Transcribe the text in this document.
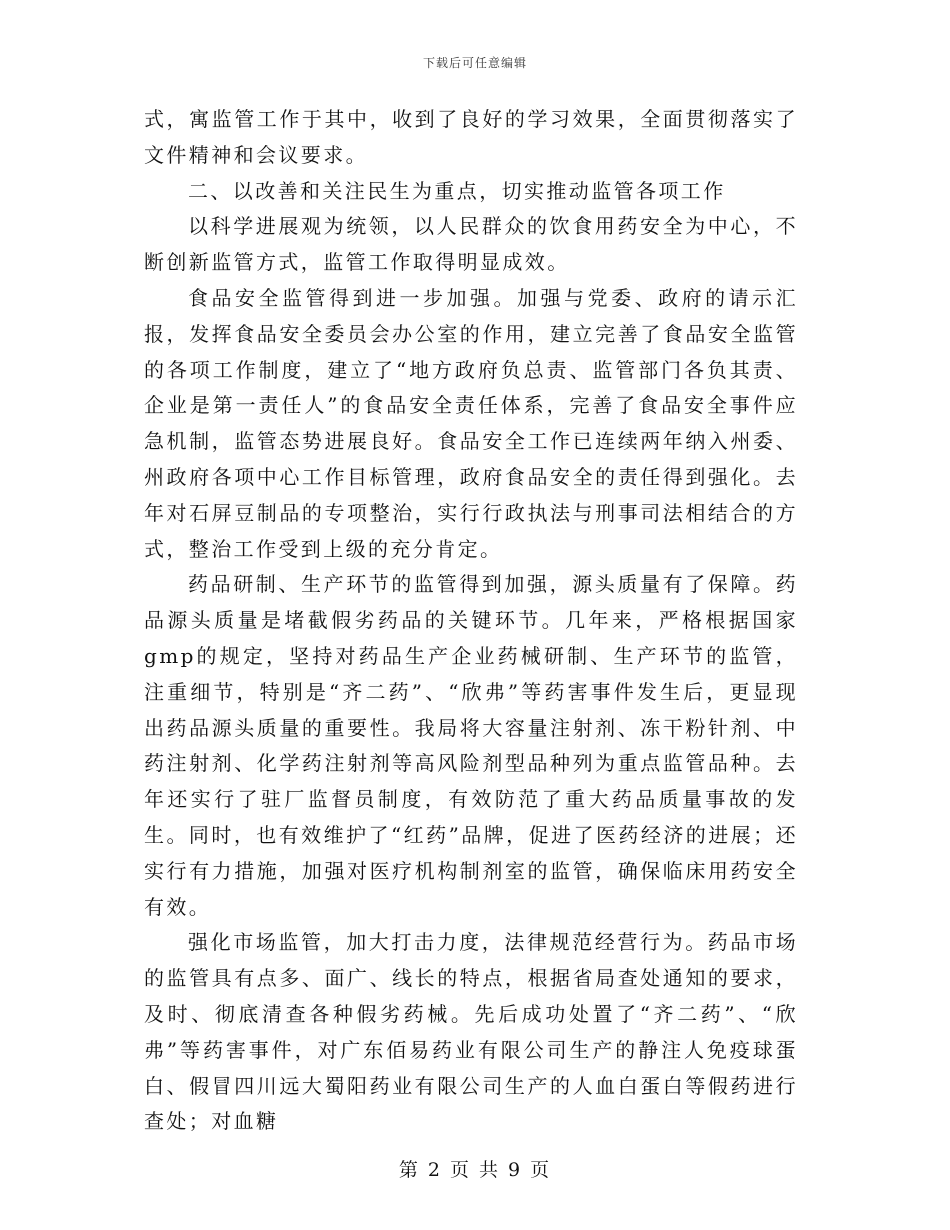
下载后可任意编辑

式，寓监管工作于其中，收到了良好的学习效果，全面贯彻落实了文件精神和会议要求。

二、以改善和关注民生为重点，切实推动监管各项工作

以科学进展观为统领，以人民群众的饮食用药安全为中心，不断创新监管方式，监管工作取得明显成效。

食品安全监管得到进一步加强。加强与党委、政府的请示汇报，发挥食品安全委员会办公室的作用，建立完善了食品安全监管的各项工作制度，建立了“地方政府负总责、监管部门各负其责、企业是第一责任人”的食品安全责任体系，完善了食品安全事件应急机制，监管态势进展良好。食品安全工作已连续两年纳入州委、州政府各项中心工作目标管理，政府食品安全的责任得到强化。去年对石屏豆制品的专项整治，实行行政执法与刑事司法相结合的方式，整治工作受到上级的充分肯定。

药品研制、生产环节的监管得到加强，源头质量有了保障。药品源头质量是堵截假劣药品的关键环节。几年来，严格根据国家gmp的规定，坚持对药品生产企业药械研制、生产环节的监管，注重细节，特别是“齐二药”、“欣弗”等药害事件发生后，更显现出药品源头质量的重要性。我局将大容量注射剂、冻干粉针剂、中药注射剂、化学药注射剂等高风险剂型品种列为重点监管品种。去年还实行了驻厂监督员制度，有效防范了重大药品质量事故的发生。同时，也有效维护了“红药”品牌，促进了医药经济的进展；还实行有力措施，加强对医疗机构制剂室的监管，确保临床用药安全有效。

强化市场监管，加大打击力度，法律规范经营行为。药品市场的监管具有点多、面广、线长的特点，根据省局查处通知的要求，及时、彻底清查各种假劣药械。先后成功处置了“齐二药”、“欣弗”等药害事件，对广东佰易药业有限公司生产的静注人免疫球蛋白、假冒四川远大蜀阳药业有限公司生产的人血白蛋白等假药进行查处；对血糖

第 2 页 共 9 页
